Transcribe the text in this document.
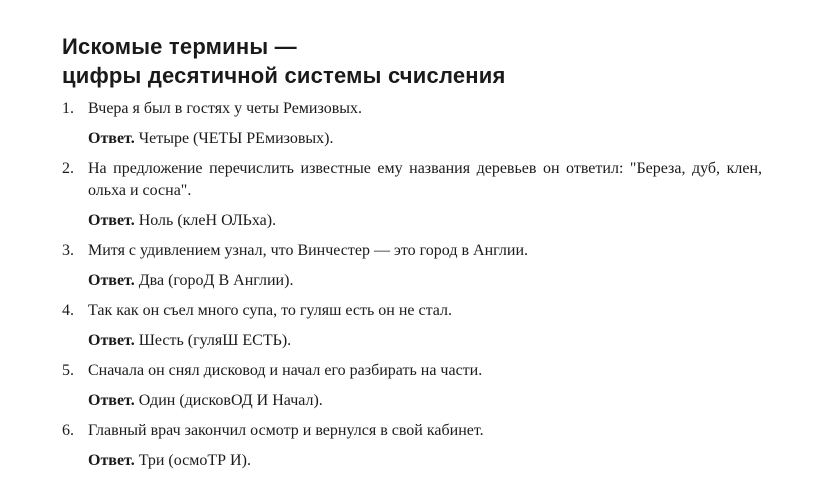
Искомые термины —
цифры десятичной системы счисления
1. Вчера я был в гостях у четы Ремизовых.
Ответ. Четыре (ЧЕТЫ РЕмизовых).
2. На предложение перечислить известные ему названия деревьев он ответил: "Береза, дуб, клен, ольха и сосна".
Ответ. Ноль (клеН ОЛЬха).
3. Митя с удивлением узнал, что Винчестер — это город в Англии.
Ответ. Два (гороД В Англии).
4. Так как он съел много супа, то гуляш есть он не стал.
Ответ. Шесть (гуляШ ЕСТЬ).
5. Сначала он снял дисковод и начал его разбирать на части.
Ответ. Один (дисковОД И Начал).
6. Главный врач закончил осмотр и вернулся в свой кабинет.
Ответ. Три (осмоТР И).
